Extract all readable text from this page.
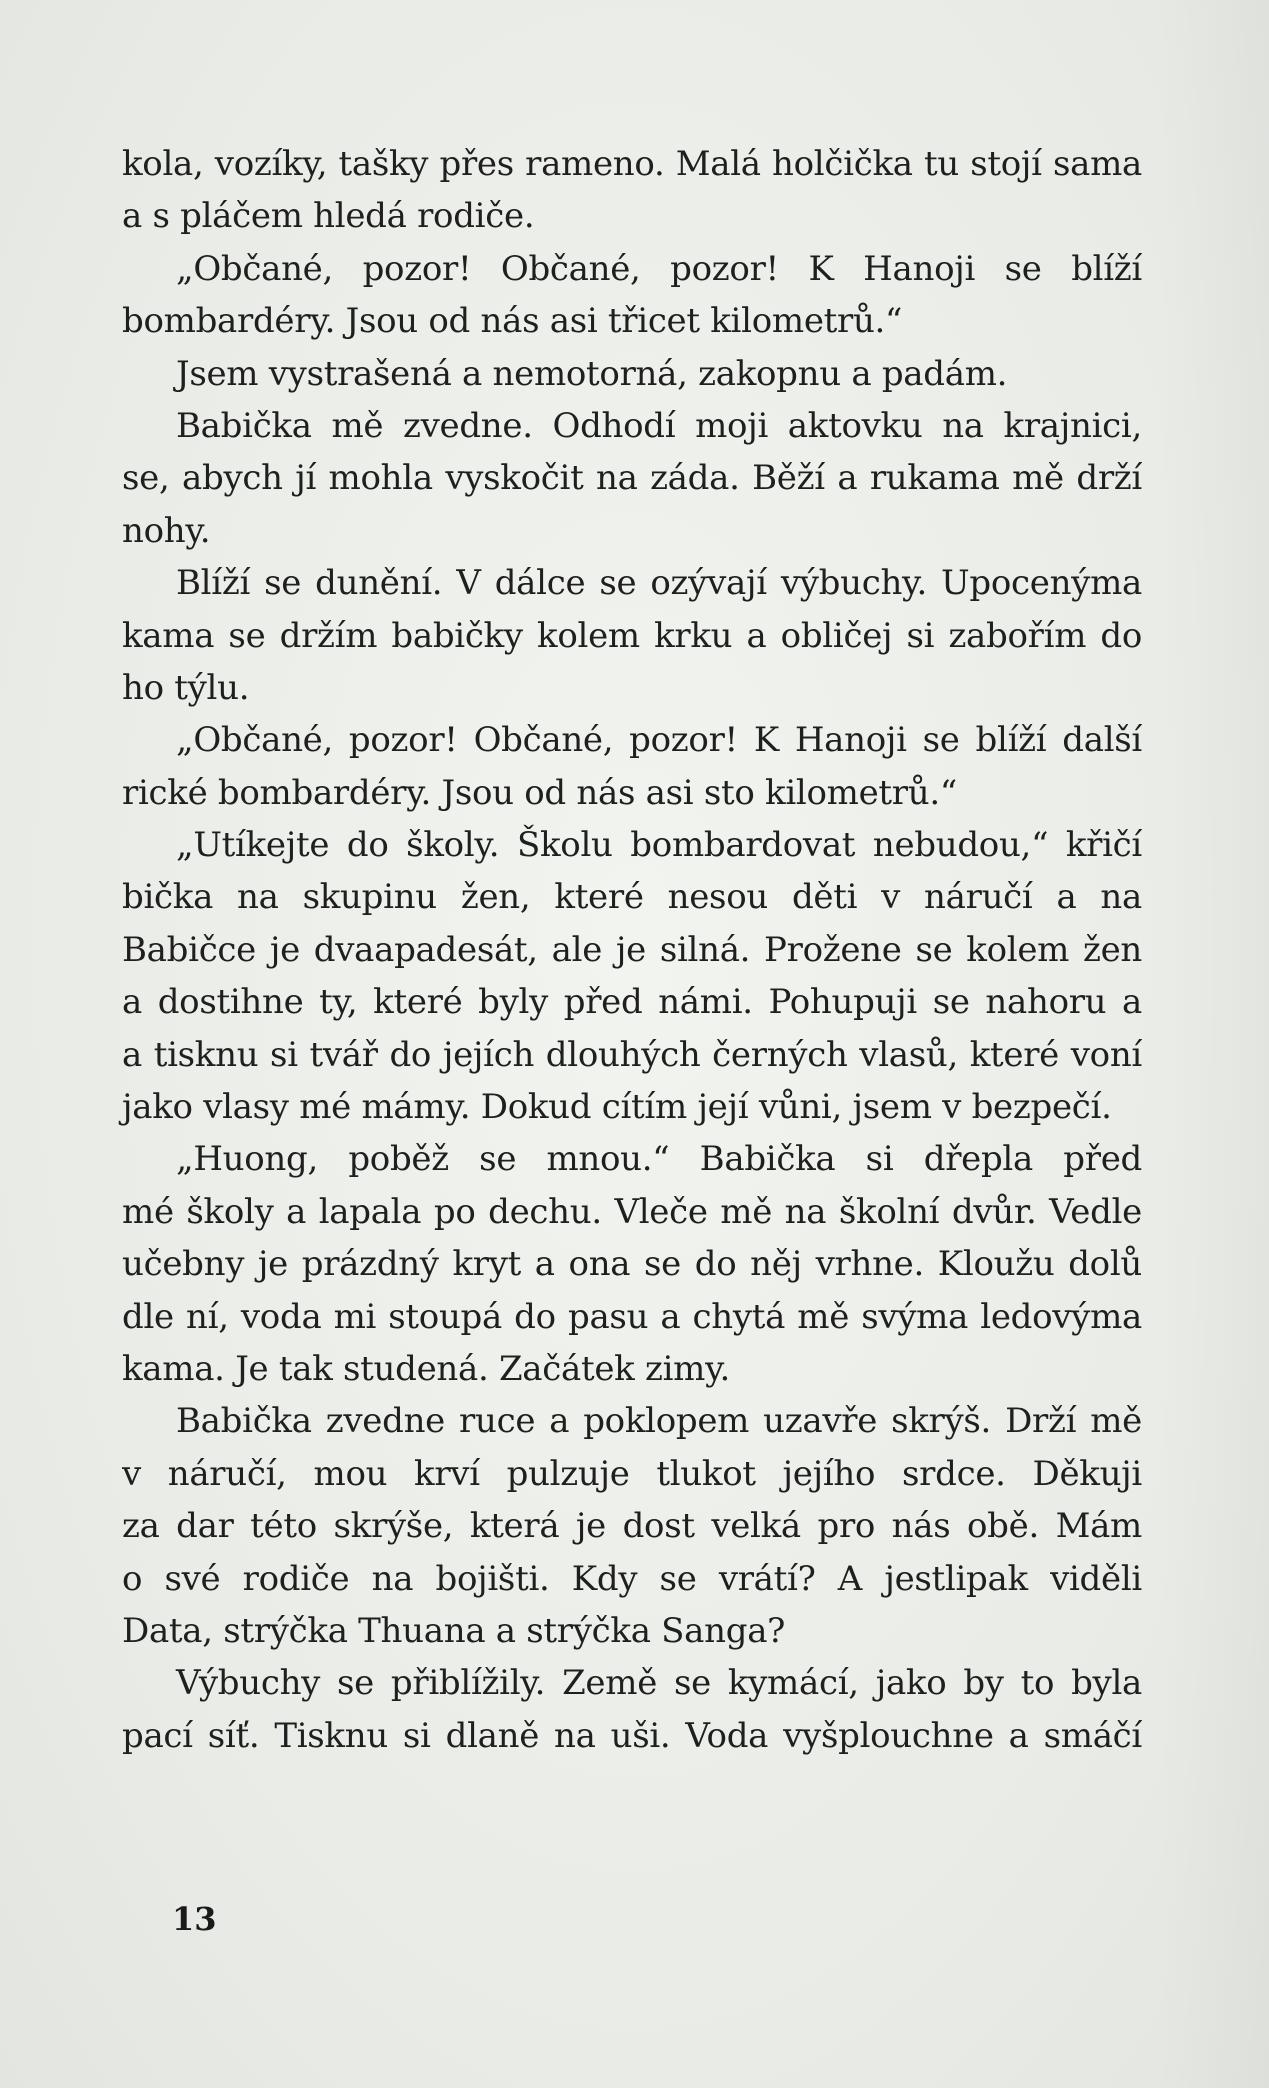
kola, vozíky, tašky přes rameno. Malá holčička tu stojí sama
a s pláčem hledá rodiče.
„Občané, pozor! Občané, pozor! K Hanoji se blíží
bombardéry. Jsou od nás asi třicet kilometrů.“
Jsem vystrašená a nemotorná, zakopnu a padám.
Babička mě zvedne. Odhodí moji aktovku na krajnici,
se, abych jí mohla vyskočit na záda. Běží a rukama mě drží
nohy.
Blíží se dunění. V dálce se ozývají výbuchy. Upocenýma
kama se držím babičky kolem krku a obličej si zabořím do
ho týlu.
„Občané, pozor! Občané, pozor! K Hanoji se blíží další
rické bombardéry. Jsou od nás asi sto kilometrů.“
„Utíkejte do školy. Školu bombardovat nebudou,“ křičí
bička na skupinu žen, které nesou děti v náručí a na
Babičce je dvaapadesát, ale je silná. Prožene se kolem žen
a dostihne ty, které byly před námi. Pohupuji se nahoru a
a tisknu si tvář do jejích dlouhých černých vlasů, které voní
jako vlasy mé mámy. Dokud cítím její vůni, jsem v bezpečí.
„Huong, poběž se mnou.“ Babička si dřepla před
mé školy a lapala po dechu. Vleče mě na školní dvůr. Vedle
učebny je prázdný kryt a ona se do něj vrhne. Kloužu dolů
dle ní, voda mi stoupá do pasu a chytá mě svýma ledovýma
kama. Je tak studená. Začátek zimy.
Babička zvedne ruce a poklopem uzavře skrýš. Drží mě
v náručí, mou krví pulzuje tlukot jejího srdce. Děkuji
za dar této skrýše, která je dost velká pro nás obě. Mám
o své rodiče na bojišti. Kdy se vrátí? A jestlipak viděli
Data, strýčka Thuana a strýčka Sanga?
Výbuchy se přiblížily. Země se kymácí, jako by to byla
pací síť. Tisknu si dlaně na uši. Voda vyšplouchne a smáčí
13
